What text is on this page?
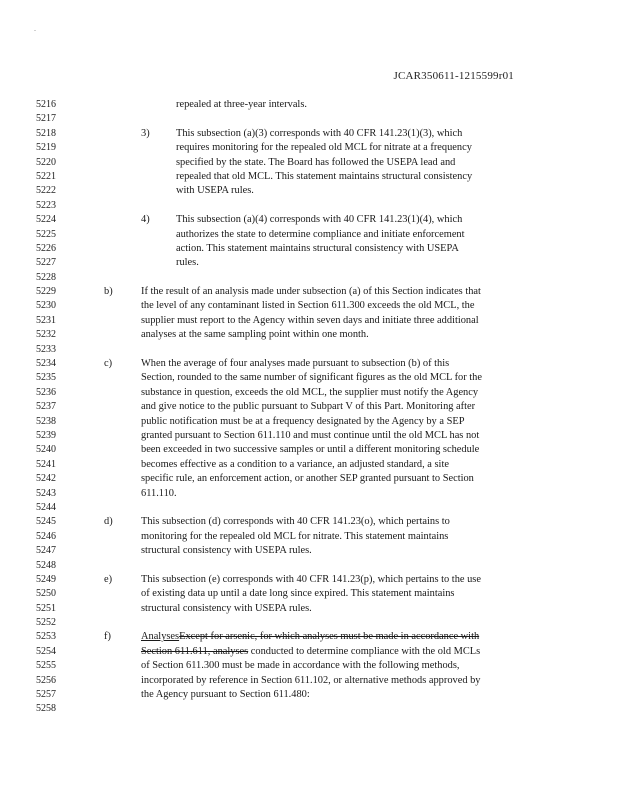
.
JCAR350611-1215599r01
5216	repealed at three-year intervals.
5217
5218	3)	This subsection (a)(3) corresponds with 40 CFR 141.23(1)(3), which
5219	requires monitoring for the repealed old MCL for nitrate at a frequency
5220	specified by the state. The Board has followed the USEPA lead and
5221	repealed that old MCL. This statement maintains structural consistency
5222	with USEPA rules.
5223
5224	4)	This subsection (a)(4) corresponds with 40 CFR 141.23(1)(4), which
5225	authorizes the state to determine compliance and initiate enforcement
5226	action. This statement maintains structural consistency with USEPA
5227	rules.
5228
5229	b)	If the result of an analysis made under subsection (a) of this Section indicates that
5230	the level of any contaminant listed in Section 611.300 exceeds the old MCL, the
5231	supplier must report to the Agency within seven days and initiate three additional
5232	analyses at the same sampling point within one month.
5233
5234	c)	When the average of four analyses made pursuant to subsection (b) of this
5235	Section, rounded to the same number of significant figures as the old MCL for the
5236	substance in question, exceeds the old MCL, the supplier must notify the Agency
5237	and give notice to the public pursuant to Subpart V of this Part. Monitoring after
5238	public notification must be at a frequency designated by the Agency by a SEP
5239	granted pursuant to Section 611.110 and must continue until the old MCL has not
5240	been exceeded in two successive samples or until a different monitoring schedule
5241	becomes effective as a condition to a variance, an adjusted standard, a site
5242	specific rule, an enforcement action, or another SEP granted pursuant to Section
5243	611.110.
5244
5245	d)	This subsection (d) corresponds with 40 CFR 141.23(o), which pertains to
5246	monitoring for the repealed old MCL for nitrate. This statement maintains
5247	structural consistency with USEPA rules.
5248
5249	e)	This subsection (e) corresponds with 40 CFR 141.23(p), which pertains to the use
5250	of existing data up until a date long since expired. This statement maintains
5251	structural consistency with USEPA rules.
5252
5253	f)	AnalysesExcept for arsenic, for which analyses must be made in accordance with
5254	Section 611.611, analyses conducted to determine compliance with the old MCLs
5255	of Section 611.300 must be made in accordance with the following methods,
5256	incorporated by reference in Section 611.102, or alternative methods approved by
5257	the Agency pursuant to Section 611.480:
5258
